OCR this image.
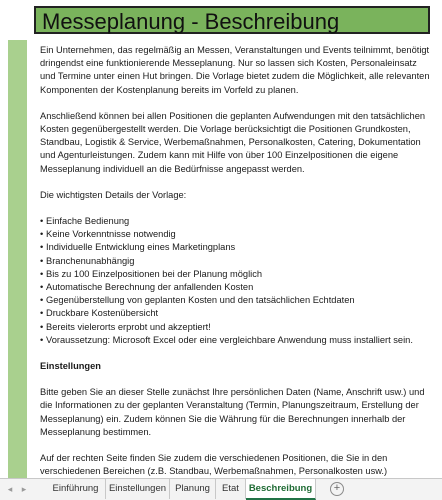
Messeplanung - Beschreibung

Ein Unternehmen, das regelmäßig an Messen, Veranstaltungen und Events teilnimmt, benötigt dringendst eine funktionierende Messeplanung. Nur so lassen sich Kosten, Personaleinsatz und Termine unter einen Hut bringen. Die Vorlage bietet zudem die Möglichkeit, alle relevanten Komponenten der Kostenplanung bereits im Vorfeld zu planen.

Anschließend können bei allen Positionen die geplanten Aufwendungen mit den tatsächlichen Kosten gegenübergestellt werden. Die Vorlage berücksichtigt die Positionen Grundkosten, Standbau, Logistik & Service, Werbemaßnahmen, Personalkosten, Catering, Dokumentation und Agenturleistungen. Zudem kann mit Hilfe von über 100 Einzelpositionen die eigene Messeplanung individuell an die Bedürfnisse angepasst werden.

Die wichtigsten Details der Vorlage:

• Einfache Bedienung
• Keine Vorkenntnisse notwendig
• Individuelle Entwicklung eines Marketingplans
• Branchenunabhängig
• Bis zu 100 Einzelpositionen bei der Planung möglich
• Automatische Berechnung der anfallenden Kosten
• Gegenüberstellung von geplanten Kosten und den tatsächlichen Echtdaten
• Druckbare Kostenübersicht
• Bereits vielerorts erprobt und akzeptiert!
• Voraussetzung: Microsoft Excel oder eine vergleichbare Anwendung muss installiert sein.

Einstellungen

Bitte geben Sie an dieser Stelle zunächst Ihre persönlichen Daten (Name, Anschrift usw.) und die Informationen zu der geplanten Veranstaltung (Termin, Planungszeitraum, Erstellung der Messeplanung) ein. Zudem können Sie die Währung für die Berechnungen innerhalb der Messeplanung bestimmen.

Auf der rechten Seite finden Sie zudem die verschiedenen Positionen, die Sie in den verschiedenen Bereichen (z.B. Standbau, Werbemaßnahmen, Personalkosten usw.)

◂	▸	Einführung	Einstellungen Planung	Etat	Beschreibung	+
